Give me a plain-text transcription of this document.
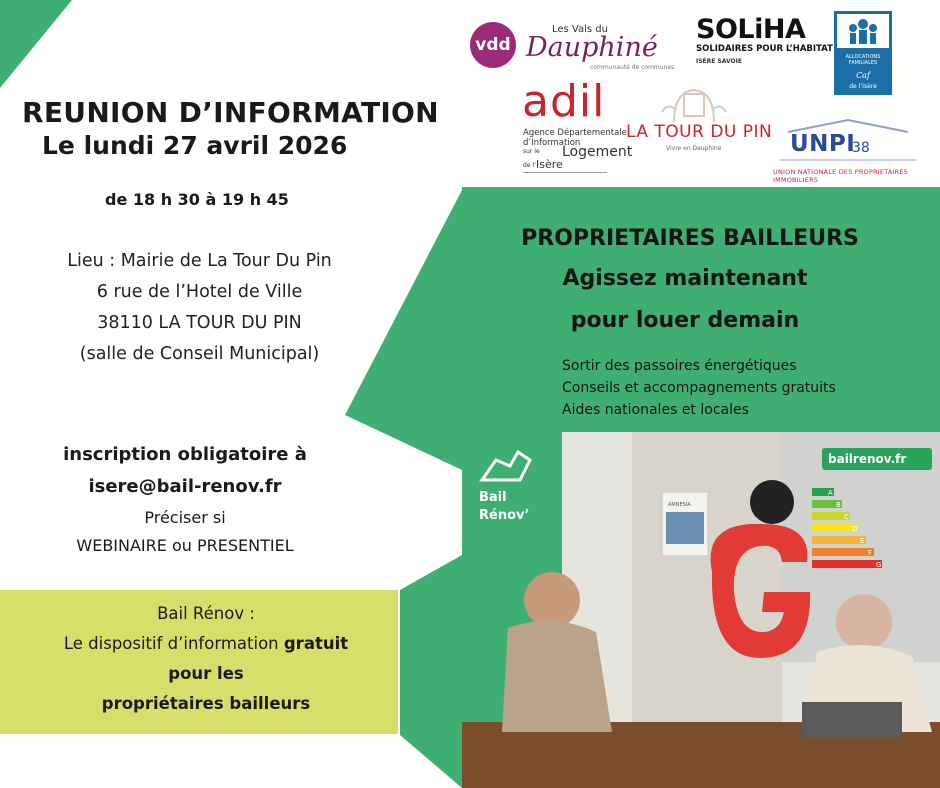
REUNION D’INFORMATION
Le lundi 27 avril 2026
de 18 h 30 à 19 h 45
Lieu : Mairie de La Tour Du Pin
6 rue de l’Hotel de Ville
38110 LA TOUR DU PIN
(salle de Conseil Municipal)
inscription obligatoire à
isere@bail-renov.fr
Préciser si
WEBINAIRE ou PRESENTIEL
Bail Rénov :
Le dispositif d’information gratuit
pour les
propriétaires bailleurs
PROPRIETAIRES BAILLEURS
Agissez maintenant
pour louer demain
Sortir des passoires énergétiques
Conseils et accompagnements gratuits
Aides nationales et locales
vdd
Les Vals du
Dauphiné
communauté de communes
SOLiHA
SOLIDAIRES POUR L’HABITAT
ISÈRE SAVOIE
ALLOCATIONS
FAMILIALES
Caf
de l’Isère
adil
Agence Départementale
d’Information
sur le Logement
de l’ Isère
LA TOUR DU PIN
Vivre en Dauphiné	UNPI
38
UNION NATIONALE DES PROPRIETAIRES IMMOBILIERS
A
B
C
D
E
F
G
AMNESIA
Bail
Rénov’
bailrenov.fr
